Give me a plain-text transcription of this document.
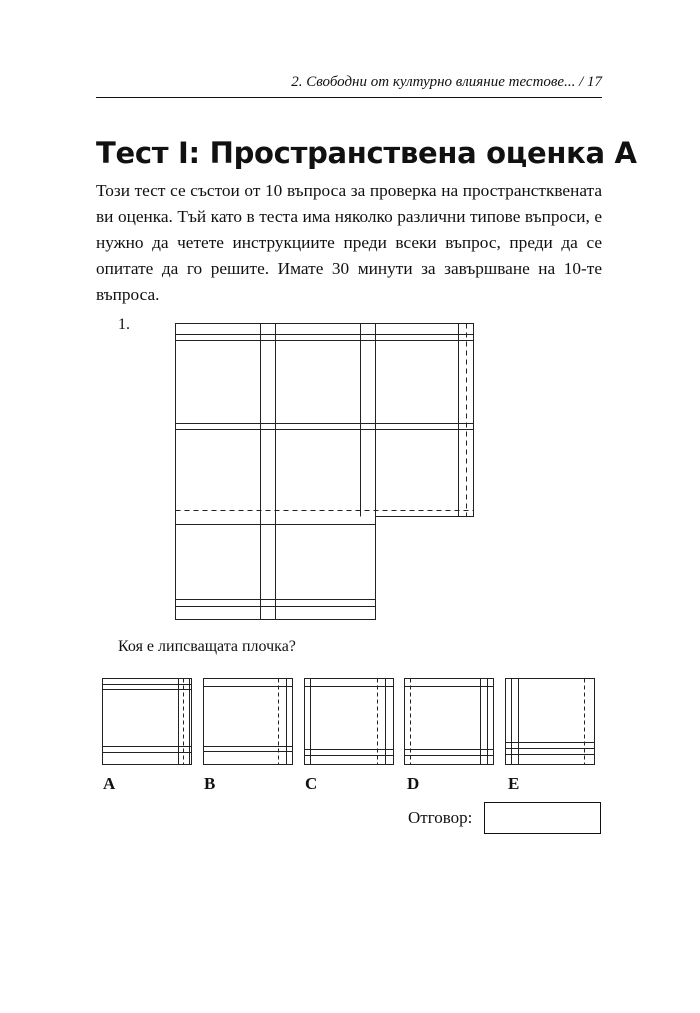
2. Свободни от културно влияние тестове... / 17
Тест I: Пространствена оценка А

Този тест се състои от 10 въпроса за проверка на пространстквената ви оценка. Тъй като в теста има няколко различни типове въпроси, е нужно да четете инструкциите преди всеки въпрос, преди да се опитате да го решите. Имате 30 минути за завършване на 10-те въпроса.

1.
Коя е липсващата плочка?
A	B	C	D	E
Отговор:
